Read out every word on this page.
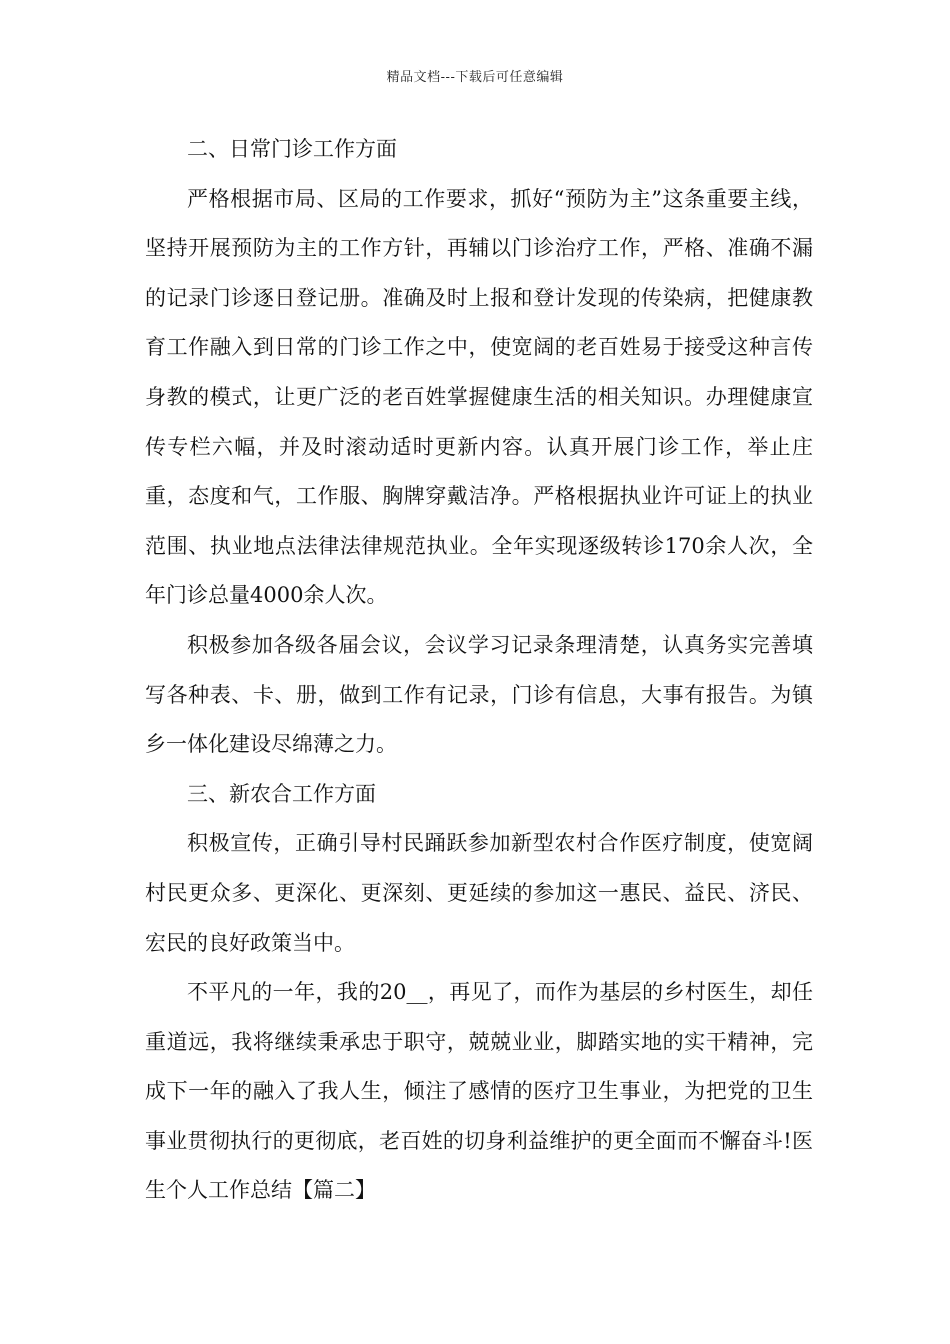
精品文档---下载后可任意编辑

二、日常门诊工作方面

严格根据市局、区局的工作要求，抓好“预防为主”这条重要主线，坚持开展预防为主的工作方针，再辅以门诊治疗工作，严格、准确不漏的记录门诊逐日登记册。准确及时上报和登计发现的传染病，把健康教育工作融入到日常的门诊工作之中，使宽阔的老百姓易于接受这种言传身教的模式，让更广泛的老百姓掌握健康生活的相关知识。办理健康宣传专栏六幅，并及时滚动适时更新内容。认真开展门诊工作，举止庄重，态度和气，工作服、胸牌穿戴洁净。严格根据执业许可证上的执业范围、执业地点法律法律规范执业。全年实现逐级转诊170余人次，全年门诊总量4000余人次。

积极参加各级各届会议，会议学习记录条理清楚，认真务实完善填写各种表、卡、册，做到工作有记录，门诊有信息，大事有报告。为镇乡一体化建设尽绵薄之力。

三、新农合工作方面

积极宣传，正确引导村民踊跃参加新型农村合作医疗制度，使宽阔村民更众多、更深化、更深刻、更延续的参加这一惠民、益民、济民、宏民的良好政策当中。

不平凡的一年，我的20__，再见了，而作为基层的乡村医生，却任重道远，我将继续秉承忠于职守，兢兢业业，脚踏实地的实干精神，完成下一年的融入了我人生，倾注了感情的医疗卫生事业，为把党的卫生事业贯彻执行的更彻底，老百姓的切身利益维护的更全面而不懈奋斗!医生个人工作总结【篇二】
